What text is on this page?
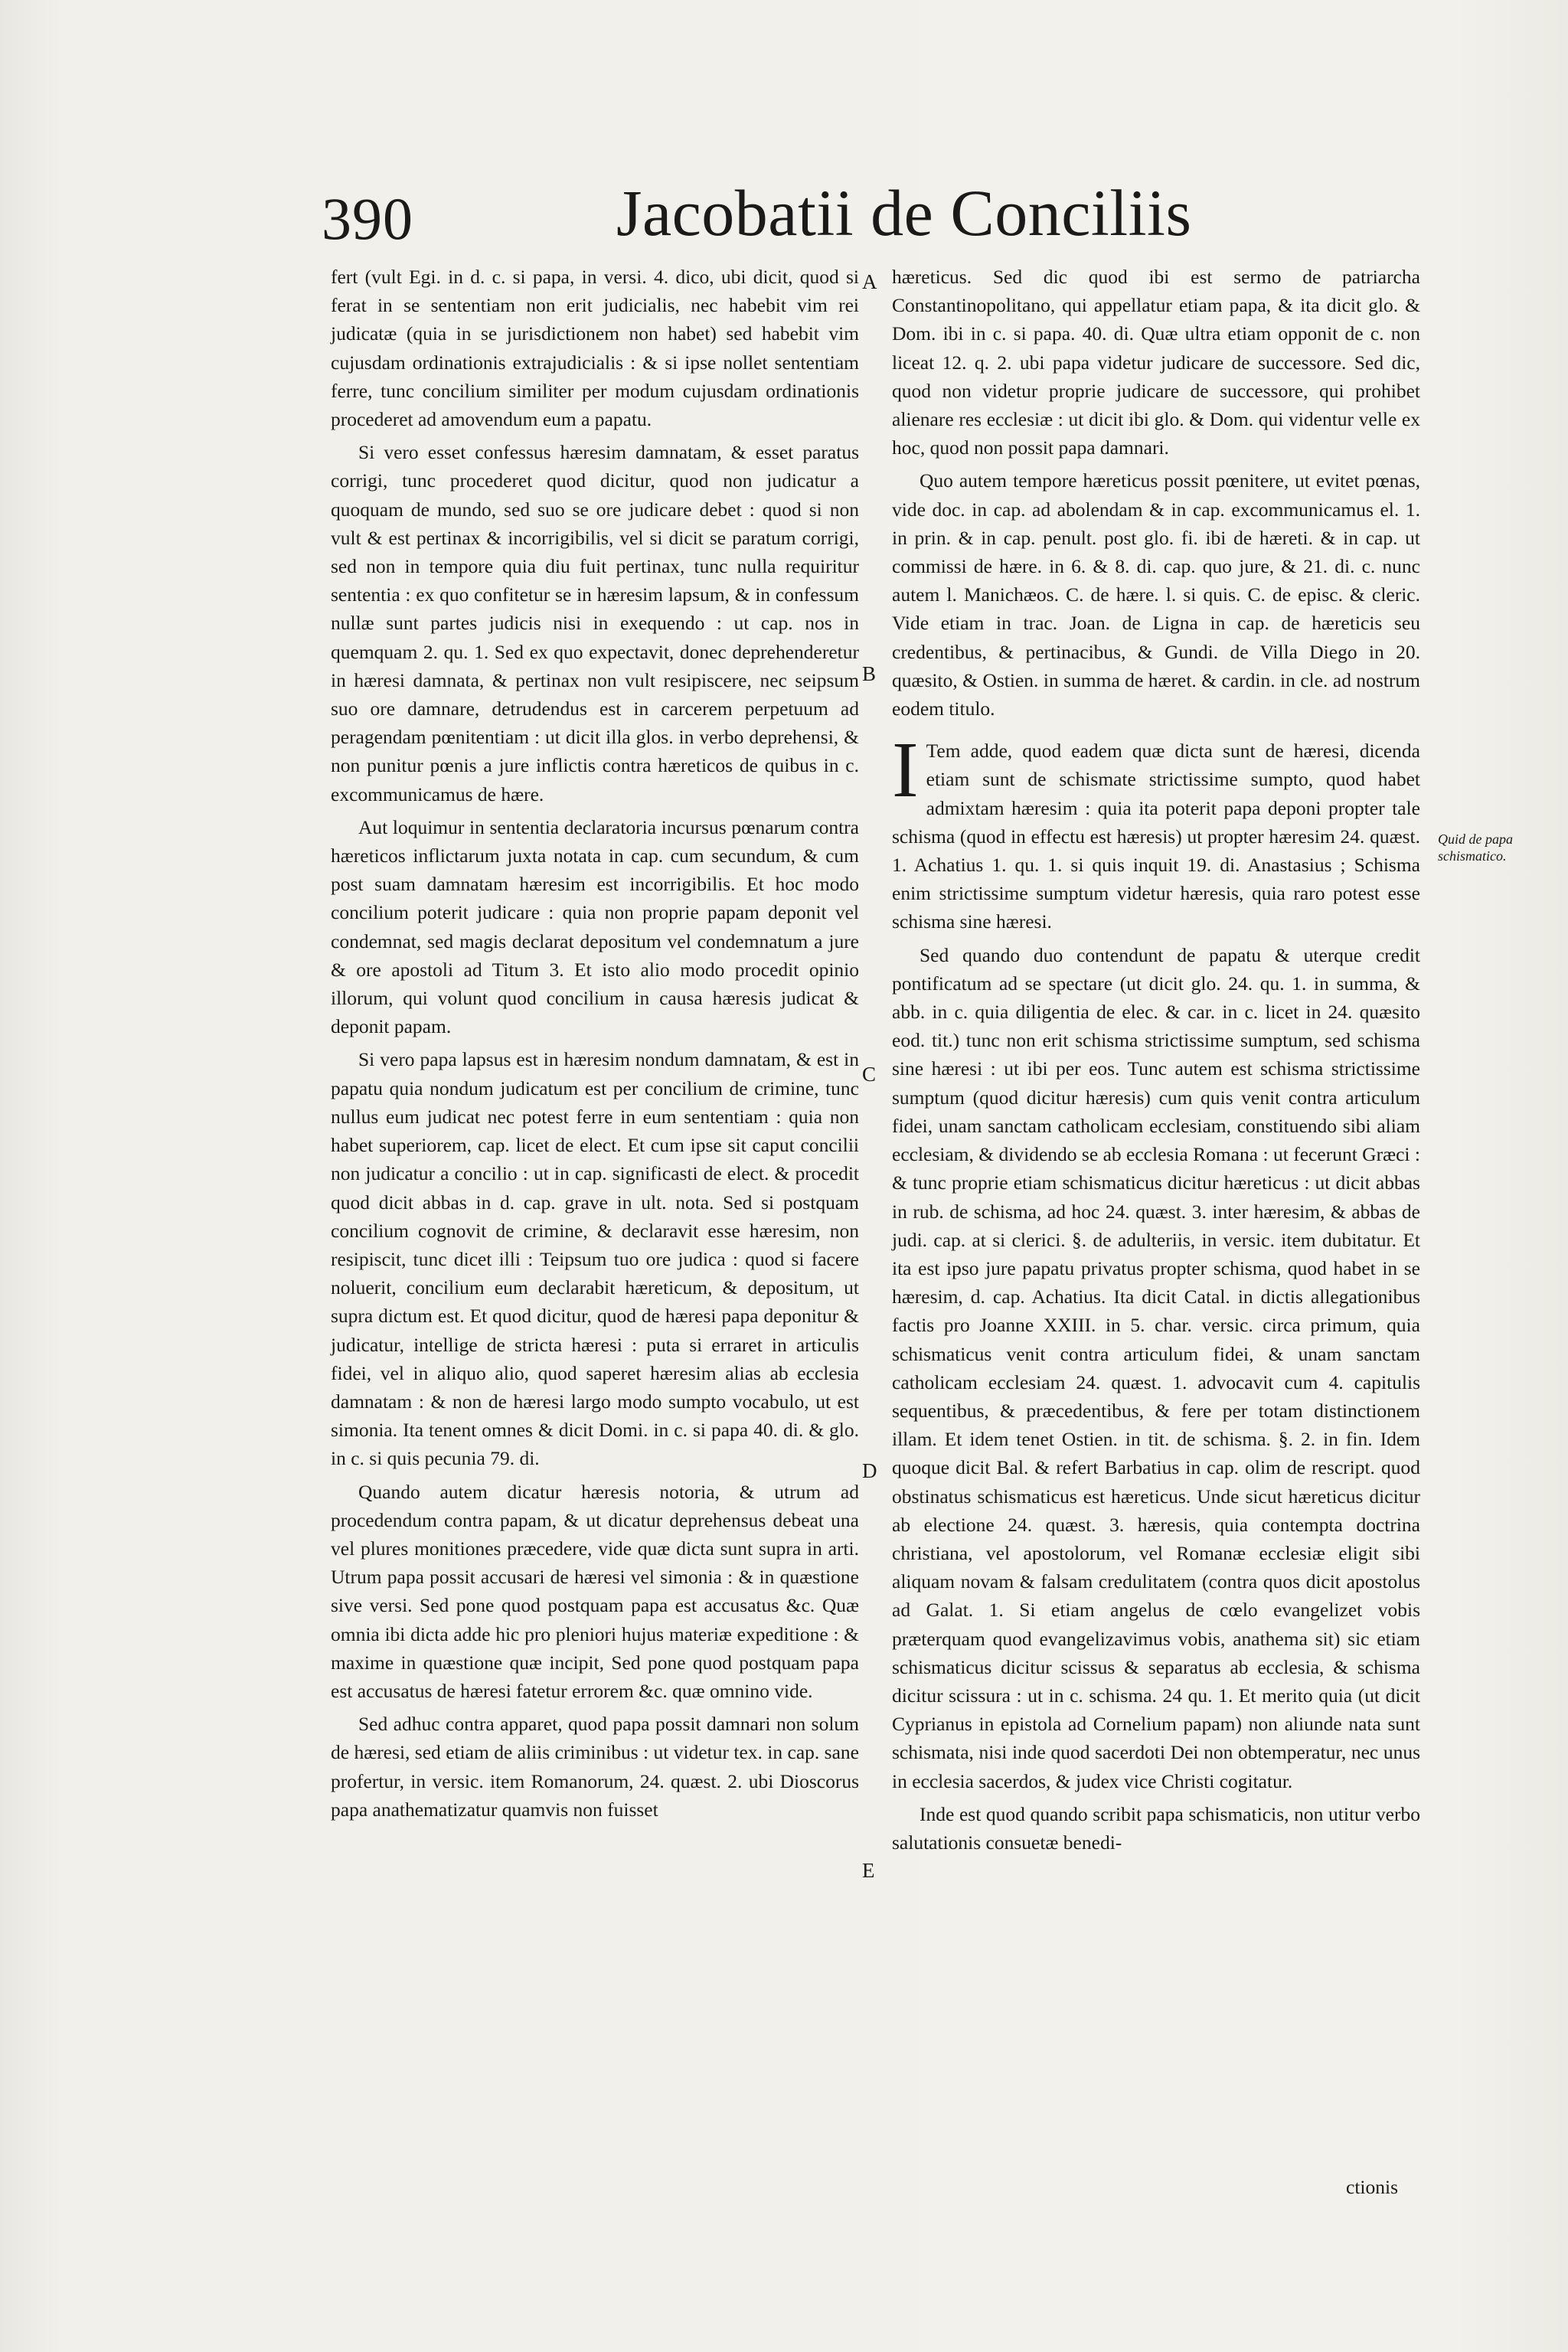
390	Jacobatii de Conciliis

fert (vult Egi. in d. c. si papa, in versi. 4. dico, ubi dicit, quod si ferat in se sententiam non erit judicialis, nec habebit vim rei judicatæ (quia in se jurisdictionem non habet) sed habebit vim cujusdam ordinationis extrajudicialis : & si ipse nollet sententiam ferre, tunc concilium similiter per modum cujusdam ordinationis procederet ad amovendum eum a papatu.

Si vero esset confessus hæresim damnatam, & esset paratus corrigi, tunc procederet quod dicitur, quod non judicatur a quoquam de mundo, sed suo se ore judicare debet : quod si non vult & est pertinax & incorrigibilis, vel si dicit se paratum corrigi, sed non in tempore quia diu fuit pertinax, tunc nulla requiritur sententia : ex quo confitetur se in hæresim lapsum, & in confessum nullæ sunt partes judicis nisi in exequendo : ut cap. nos in quemquam 2. qu. 1. Sed ex quo expectavit, donec deprehenderetur in hæresi damnata, & pertinax non vult resipiscere, nec seipsum suo ore damnare, detrudendus est in carcerem perpetuum ad peragendam pœnitentiam : ut dicit illa glos. in verbo deprehensi, & non punitur pœnis a jure inflictis contra hæreticos de quibus in c. excommunicamus de hære.

Aut loquimur in sententia declaratoria incursus pœnarum contra hæreticos inflictarum juxta notata in cap. cum secundum, & cum post suam damnatam hæresim est incorrigibilis. Et hoc modo concilium poterit judicare : quia non proprie papam deponit vel condemnat, sed magis declarat depositum vel condemnatum a jure & ore apostoli ad Titum 3. Et isto alio modo procedit opinio illorum, qui volunt quod concilium in causa hæresis judicat & deponit papam.

Si vero papa lapsus est in hæresim nondum damnatam, & est in papatu quia nondum judicatum est per concilium de crimine, tunc nullus eum judicat nec potest ferre in eum sententiam : quia non habet superiorem, cap. licet de elect. Et cum ipse sit caput concilii non judicatur a concilio : ut in cap. significasti de elect. & procedit quod dicit abbas in d. cap. grave in ult. nota. Sed si postquam concilium cognovit de crimine, & declaravit esse hæresim, non resipiscit, tunc dicet illi : Teipsum tuo ore judica : quod si facere noluerit, concilium eum declarabit hæreticum, & depositum, ut supra dictum est. Et quod dicitur, quod de hæresi papa deponitur & judicatur, intellige de stricta hæresi : puta si erraret in articulis fidei, vel in aliquo alio, quod saperet hæresim alias ab ecclesia damnatam : & non de hæresi largo modo sumpto vocabulo, ut est simonia. Ita tenent omnes & dicit Domi. in c. si papa 40. di. & glo. in c. si quis pecunia 79. di.

Quando autem dicatur hæresis notoria, & utrum ad procedendum contra papam, & ut dicatur deprehensus debeat una vel plures monitiones præcedere, vide quæ dicta sunt supra in arti. Utrum papa possit accusari de hæresi vel simonia : & in quæstione sive versi. Sed pone quod postquam papa est accusatus &c. Quæ omnia ibi dicta adde hic pro pleniori hujus materiæ expeditione : & maxime in quæstione quæ incipit, Sed pone quod postquam papa est accusatus de hæresi fatetur errorem &c. quæ omnino vide.

Sed adhuc contra apparet, quod papa possit damnari non solum de hæresi, sed etiam de aliis criminibus : ut videtur tex. in cap. sane profertur, in versic. item Romanorum, 24. quæst. 2. ubi Dioscorus papa anathematizatur quamvis non fuisset

A
B
C
D
E

hæreticus. Sed dic quod ibi est sermo de patriarcha Constantinopolitano, qui appellatur etiam papa, & ita dicit glo. & Dom. ibi in c. si papa. 40. di. Quæ ultra etiam opponit de c. non liceat 12. q. 2. ubi papa videtur judicare de successore. Sed dic, quod non videtur proprie judicare de successore, qui prohibet alienare res ecclesiæ : ut dicit ibi glo. & Dom. qui videntur velle ex hoc, quod non possit papa damnari.

Quo autem tempore hæreticus possit pœnitere, ut evitet pœnas, vide doc. in cap. ad abolendam & in cap. excommunicamus el. 1. in prin. & in cap. penult. post glo. fi. ibi de hæreti. & in cap. ut commissi de hære. in 6. & 8. di. cap. quo jure, & 21. di. c. nunc autem l. Manichæos. C. de hære. l. si quis. C. de episc. & cleric. Vide etiam in trac. Joan. de Ligna in cap. de hæreticis seu credentibus, & pertinacibus, & Gundi. de Villa Diego in 20. quæsito, & Ostien. in summa de hæret. & cardin. in cle. ad nostrum eodem titulo.

I Tem adde, quod eadem quæ dicta sunt de hæresi, dicenda etiam sunt de schismate strictissime sumpto, quod habet admixtam hæresim : quia ita poterit papa deponi propter tale schisma (quod in effectu est hæresis) ut propter hæresim 24. quæst. 1. Achatius 1. qu. 1. si quis inquit 19. di. Anastasius ; Schisma enim strictissime sumptum videtur hæresis, quia raro potest esse schisma sine hæresi.

Sed quando duo contendunt de papatu & uterque credit pontificatum ad se spectare (ut dicit glo. 24. qu. 1. in summa, & abb. in c. quia diligentia de elec. & car. in c. licet in 24. quæsito eod. tit.) tunc non erit schisma strictissime sumptum, sed schisma sine hæresi : ut ibi per eos. Tunc autem est schisma strictissime sumptum (quod dicitur hæresis) cum quis venit contra articulum fidei, unam sanctam catholicam ecclesiam, constituendo sibi aliam ecclesiam, & dividendo se ab ecclesia Romana : ut fecerunt Græci : & tunc proprie etiam schismaticus dicitur hæreticus : ut dicit abbas in rub. de schisma, ad hoc 24. quæst. 3. inter hæresim, & abbas de judi. cap. at si clerici. §. de adulteriis, in versic. item dubitatur. Et ita est ipso jure papatu privatus propter schisma, quod habet in se hæresim, d. cap. Achatius. Ita dicit Catal. in dictis allegationibus factis pro Joanne XXIII. in 5. char. versic. circa primum, quia schismaticus venit contra articulum fidei, & unam sanctam catholicam ecclesiam 24. quæst. 1. advocavit cum 4. capitulis sequentibus, & præcedentibus, & fere per totam distinctionem illam. Et idem tenet Ostien. in tit. de schisma. §. 2. in fin. Idem quoque dicit Bal. & refert Barbatius in cap. olim de rescript. quod obstinatus schismaticus est hæreticus. Unde sicut hæreticus dicitur ab electione 24. quæst. 3. hæresis, quia contempta doctrina christiana, vel apostolorum, vel Romanæ ecclesiæ eligit sibi aliquam novam & falsam credulitatem (contra quos dicit apostolus ad Galat. 1. Si etiam angelus de cœlo evangelizet vobis præterquam quod evangelizavimus vobis, anathema sit) sic etiam schismaticus dicitur scissus & separatus ab ecclesia, & schisma dicitur scissura : ut in c. schisma. 24 qu. 1. Et merito quia (ut dicit Cyprianus in epistola ad Cornelium papam) non aliunde nata sunt schismata, nisi inde quod sacerdoti Dei non obtemperatur, nec unus in ecclesia sacerdos, & judex vice Christi cogitatur.

Inde est quod quando scribit papa schismaticis, non utitur verbo salutationis consuetæ benedi-

Quid de papa schismatico.
ctionis
